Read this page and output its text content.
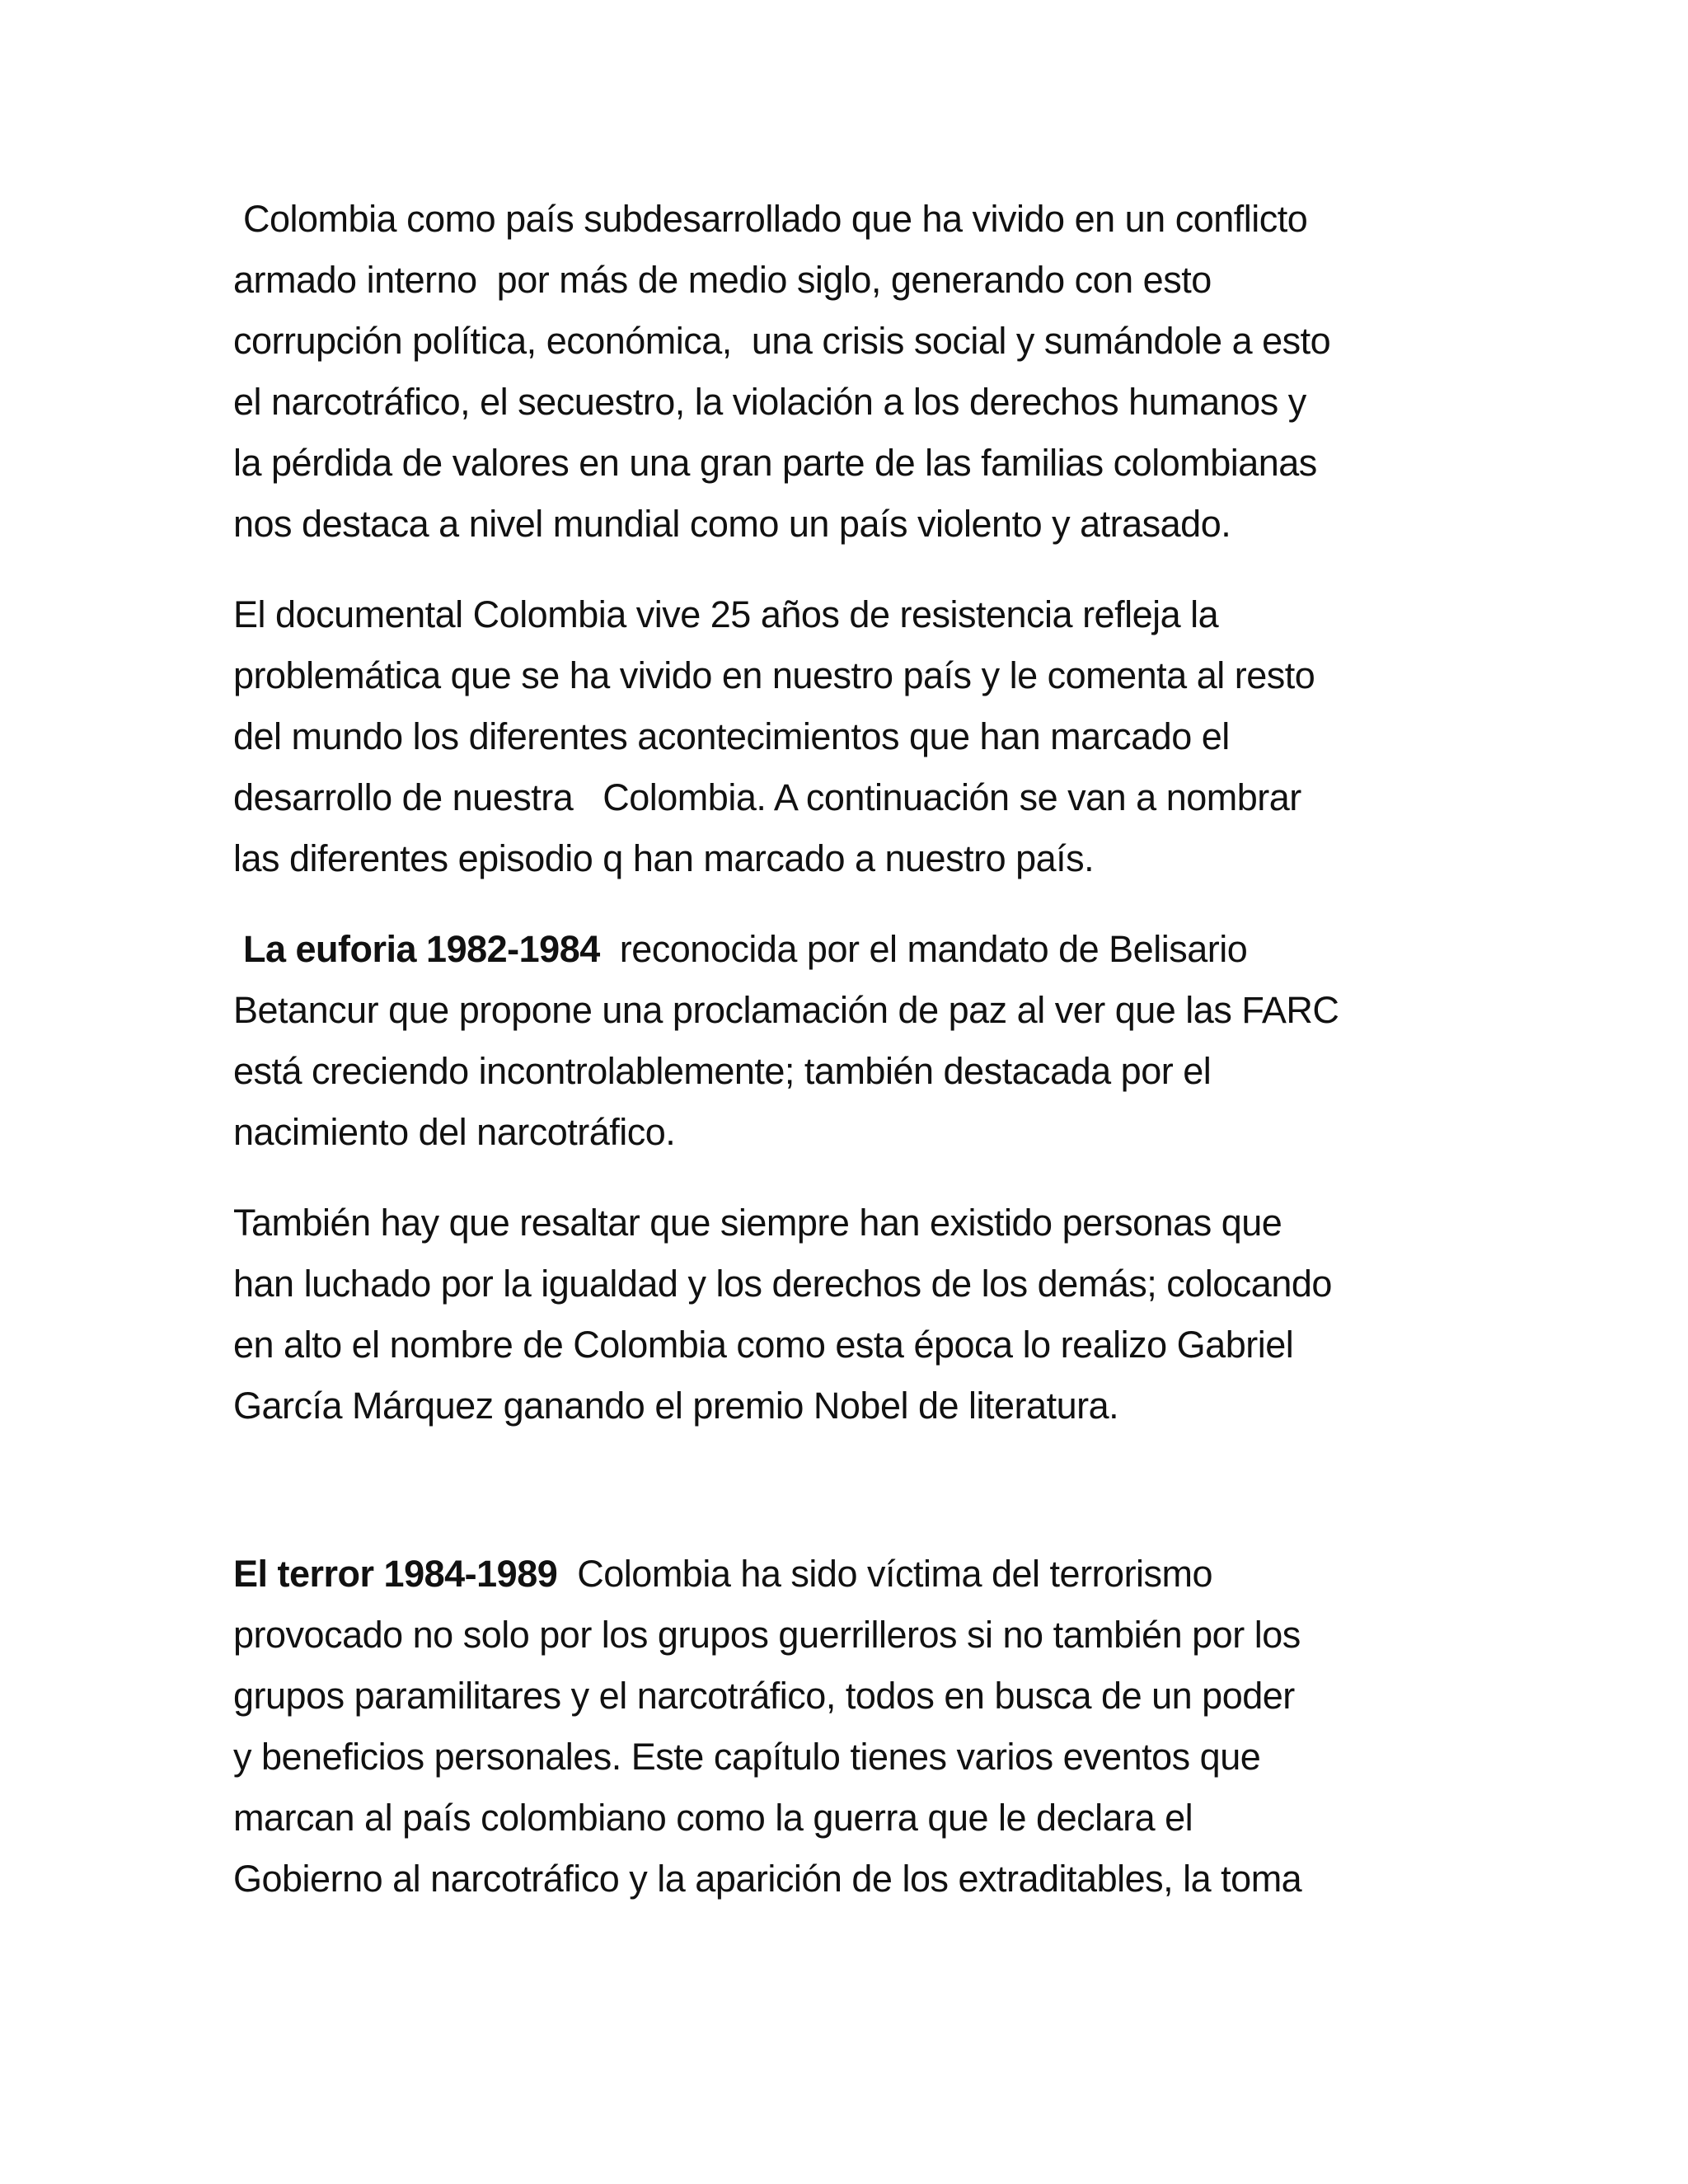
Colombia como país subdesarrollado que ha vivido en un conflicto

armado interno  por más de medio siglo, generando con esto

corrupción política, económica,  una crisis social y sumándole a esto

el narcotráfico, el secuestro, la violación a los derechos humanos y

la pérdida de valores en una gran parte de las familias colombianas

nos destaca a nivel mundial como un país violento y atrasado.

El documental Colombia vive 25 años de resistencia refleja la

problemática que se ha vivido en nuestro país y le comenta al resto

del mundo los diferentes acontecimientos que han marcado el

desarrollo de nuestra   Colombia. A continuación se van a nombrar

las diferentes episodio q han marcado a nuestro país.

La euforia 1982-1984  reconocida por el mandato de Belisario

Betancur que propone una proclamación de paz al ver que las FARC

está creciendo incontrolablemente; también destacada por el

nacimiento del narcotráfico.

También hay que resaltar que siempre han existido personas que

han luchado por la igualdad y los derechos de los demás; colocando

en alto el nombre de Colombia como esta época lo realizo Gabriel

García Márquez ganando el premio Nobel de literatura.

El terror 1984-1989  Colombia ha sido víctima del terrorismo

provocado no solo por los grupos guerrilleros si no también por los

grupos paramilitares y el narcotráfico, todos en busca de un poder

y beneficios personales. Este capítulo tienes varios eventos que

marcan al país colombiano como la guerra que le declara el

Gobierno al narcotráfico y la aparición de los extraditables, la toma
